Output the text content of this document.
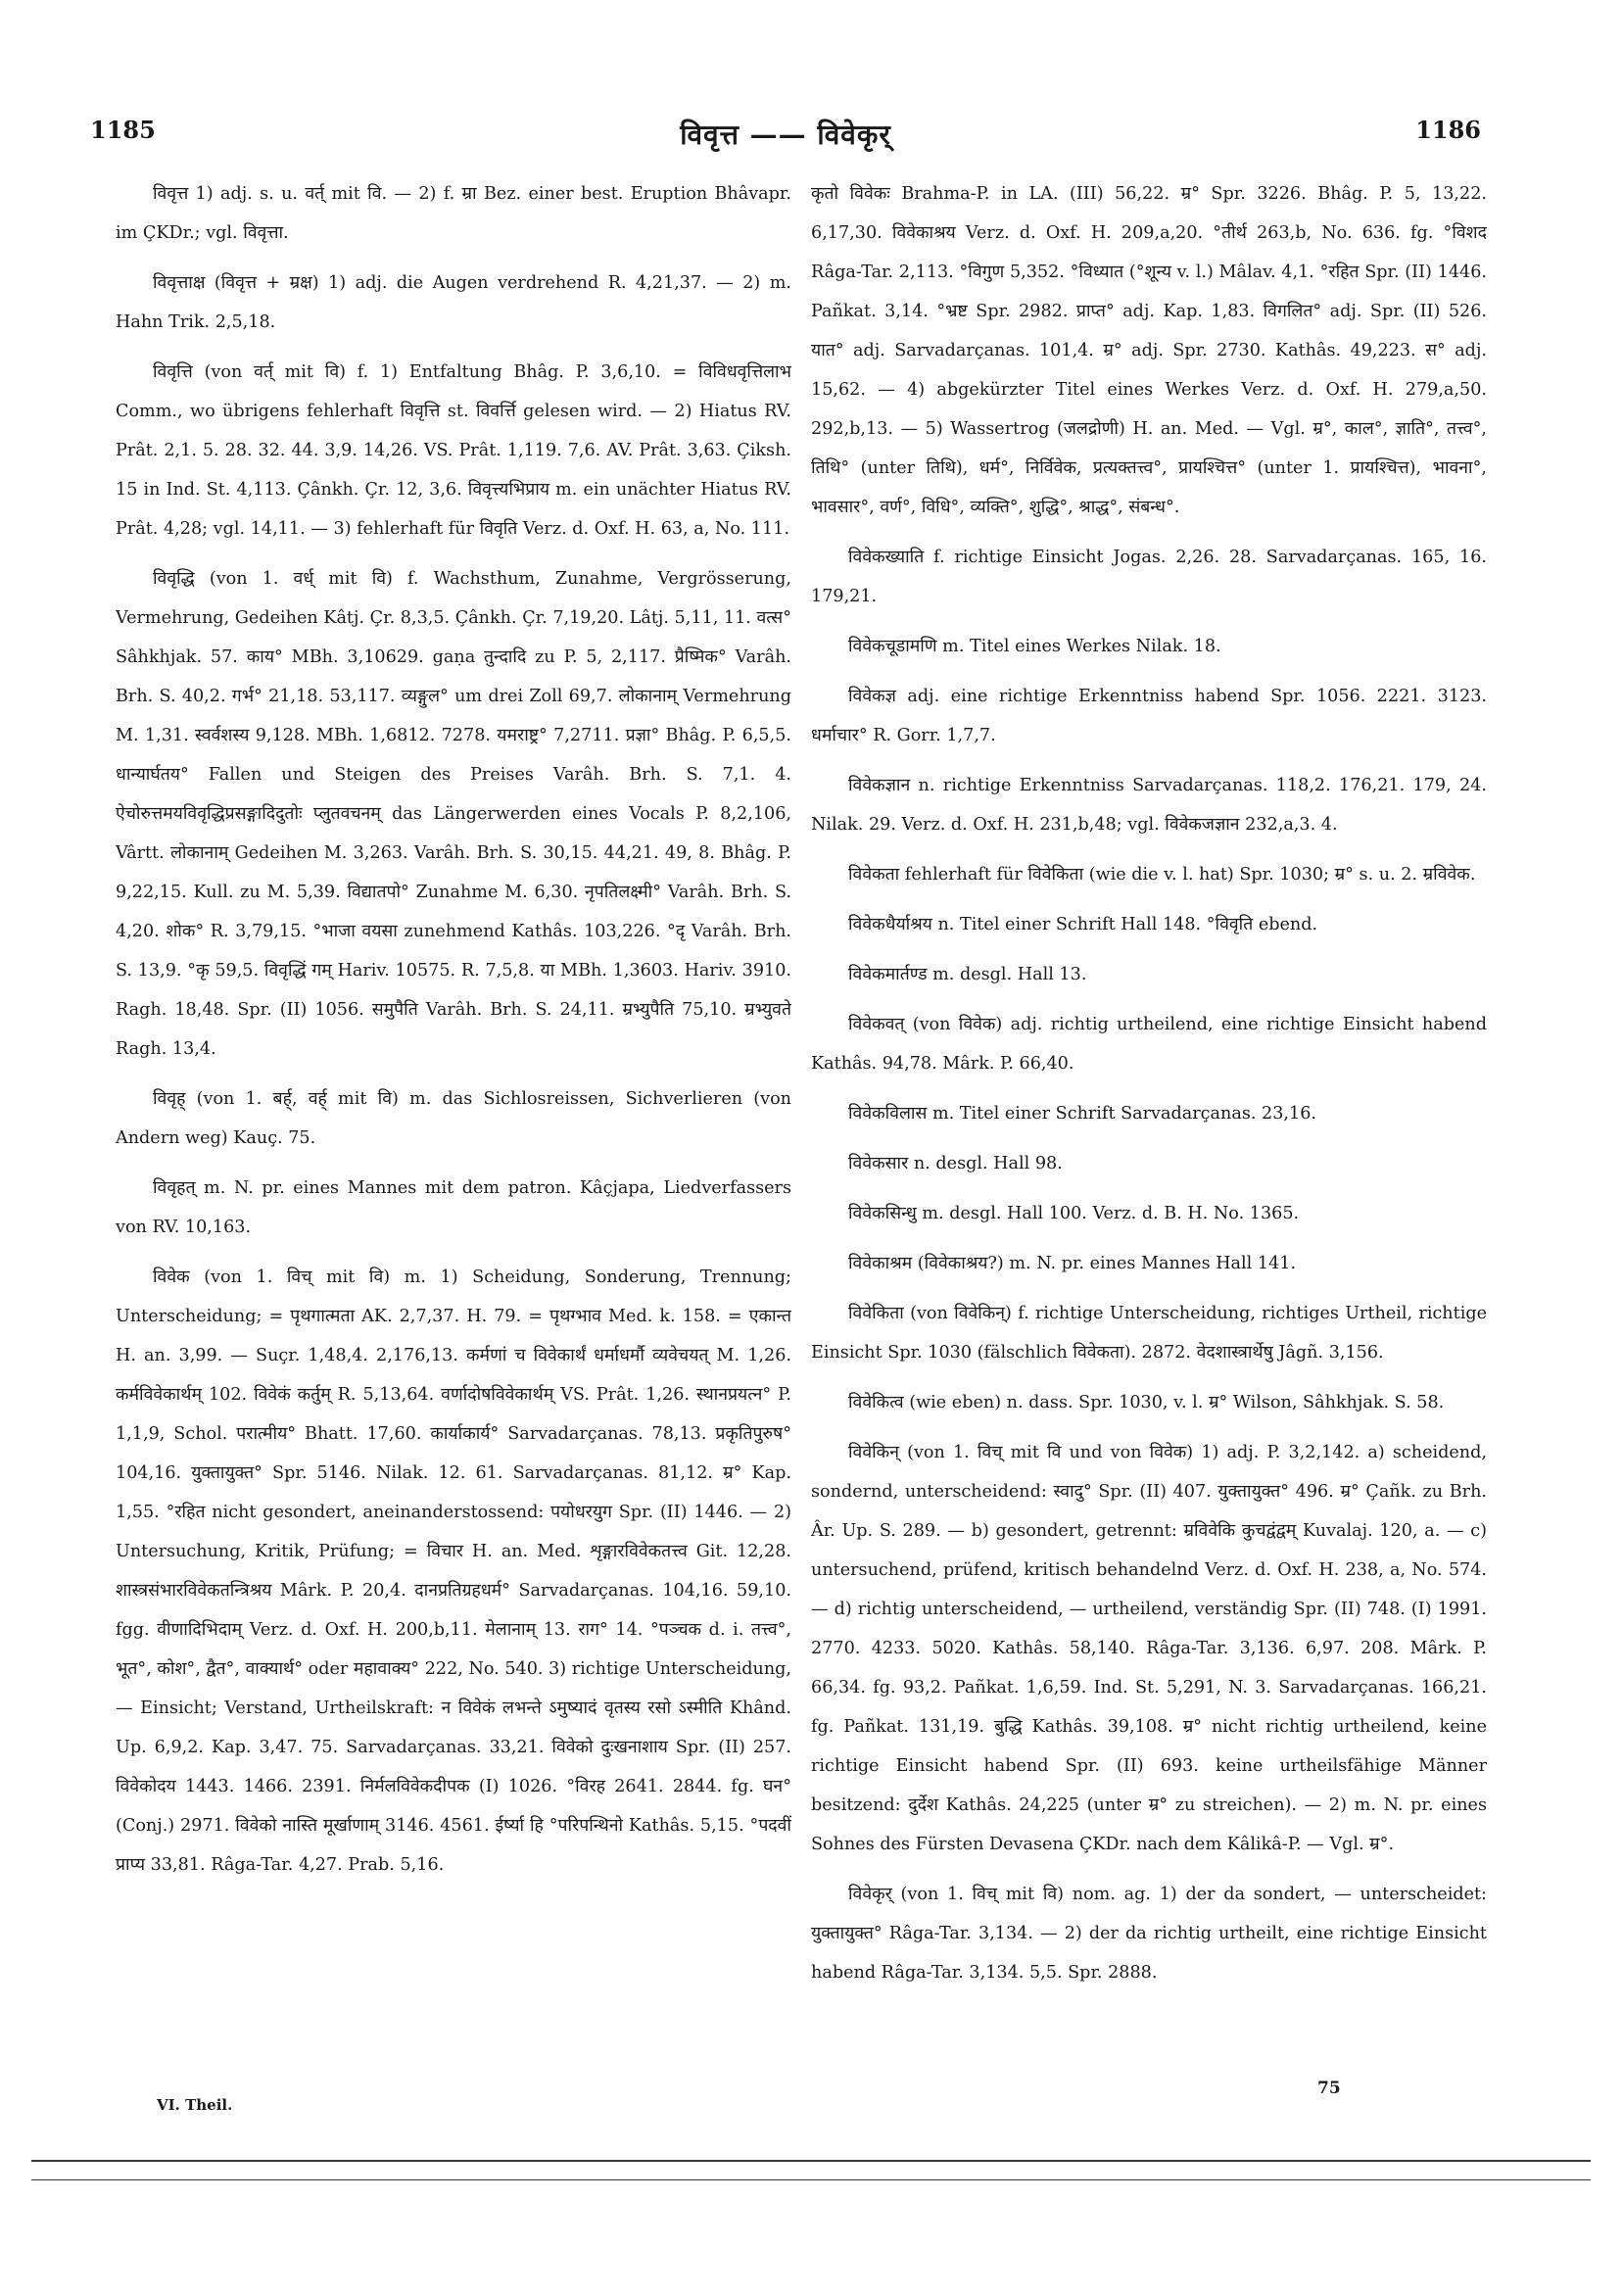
1185	विवृत्त —— विवेकृर्	1186

विवृत्त 1) adj. s. u. वर्त् mit वि. — 2) f. म्रा Bez. einer best. Eruption Bhâvapr. im ÇKDr.; vgl. विवृत्ता.

विवृत्ताक्ष (विवृत्त + म्रक्ष) 1) adj. die Augen verdrehend R. 4,21,37. — 2) m. Hahn Trik. 2,5,18.

विवृत्ति (von वर्त् mit वि) f. 1) Entfaltung Bhâg. P. 3,6,10. = विविधवृत्तिलाभ Comm., wo übrigens fehlerhaft विवृत्ति st. विवर्त्ति gelesen wird. — 2) Hiatus RV. Prât. 2,1. 5. 28. 32. 44. 3,9. 14,26. VS. Prât. 1,119. 7,6. AV. Prât. 3,63. Çiksh. 15 in Ind. St. 4,113. Çânkh. Çr. 12, 3,6. विवृत्त्यभिप्राय m. ein unächter Hiatus RV. Prât. 4,28; vgl. 14,11. — 3) fehlerhaft für विवृति Verz. d. Oxf. H. 63, a, No. 111.

विवृद्धि (von 1. वर्ध् mit वि) f. Wachsthum, Zunahme, Vergrösserung, Vermehrung, Gedeihen Kâtj. Çr. 8,3,5. Çânkh. Çr. 7,19,20. Lâtj. 5,11, 11. वत्स° Sâhkhjak. 57. काय° MBh. 3,10629. gaṇa तुन्दादि zu P. 5, 2,117. प्रैष्मिक° Varâh. Brh. S. 40,2. गर्भ° 21,18. 53,117. व्यङ्गुल° um drei Zoll 69,7. लोकानाम् Vermehrung M. 1,31. स्वर्वशस्य 9,128. MBh. 1,6812. 7278. यमराष्ट्र° 7,2711. प्रज्ञा° Bhâg. P. 6,5,5. धान्यार्घतय° Fallen und Steigen des Preises Varâh. Brh. S. 7,1. 4. ऐचोरुत्तमयविवृद्धिप्रसङ्गादिदुतोः प्लुतवचनम् das Längerwerden eines Vocals P. 8,2,106, Vârtt. लोकानाम् Gedeihen M. 3,263. Varâh. Brh. S. 30,15. 44,21. 49, 8. Bhâg. P. 9,22,15. Kull. zu M. 5,39. विद्यातपो° Zunahme M. 6,30. नृपतिलक्ष्मी° Varâh. Brh. S. 4,20. शोक° R. 3,79,15. °भाजा वयसा zunehmend Kathâs. 103,226. °दृ Varâh. Brh. S. 13,9. °कृ 59,5. विवृद्धिं गम् Hariv. 10575. R. 7,5,8. या MBh. 1,3603. Hariv. 3910. Ragh. 18,48. Spr. (II) 1056. समुपैति Varâh. Brh. S. 24,11. म्रभ्युपैति 75,10. म्रभ्युवते Ragh. 13,4.

विवृह् (von 1. बर्ह्, वर्ह् mit वि) m. das Sichlosreissen, Sichverlieren (von Andern weg) Kauç. 75.

विवृहत् m. N. pr. eines Mannes mit dem patron. Kâçjapa, Liedverfassers von RV. 10,163.

विवेक (von 1. विच् mit वि) m. 1) Scheidung, Sonderung, Trennung; Unterscheidung; = पृथगात्मता AK. 2,7,37. H. 79. = पृथग्भाव Med. k. 158. = एकान्त H. an. 3,99. — Suçr. 1,48,4. 2,176,13. कर्मणां च विवेकार्थं धर्माधर्मौ व्यवेचयत् M. 1,26. कर्मविवेकार्थम् 102. विवेकं कर्तुम् R. 5,13,64. वर्णादोषविवेकार्थम् VS. Prât. 1,26. स्थानप्रयत्न° P. 1,1,9, Schol. परात्मीय° Bhatt. 17,60. कार्याकार्य° Sarvadarçanas. 78,13. प्रकृतिपुरुष° 104,16. युक्तायुक्त° Spr. 5146. Nilak. 12. 61. Sarvadarçanas. 81,12. म्र° Kap. 1,55. °रहित nicht gesondert, aneinanderstossend: पयोधरयुग Spr. (II) 1446. — 2) Untersuchung, Kritik, Prüfung; = विचार H. an. Med. शृङ्गारविवेकतत्त्व Git. 12,28. शास्त्रसंभारविवेकतन्त्रिश्रय Mârk. P. 20,4. दानप्रतिग्रहधर्म° Sarvadarçanas. 104,16. 59,10. fgg. वीणादिभिदाम् Verz. d. Oxf. H. 200,b,11. मेलानाम् 13. राग° 14. °पञ्चक d. i. तत्त्व°, भूत°, कोश°, द्वैत°, वाक्यार्थ° oder महावाक्य° 222, No. 540. 3) richtige Unterscheidung, — Einsicht; Verstand, Urtheilskraft: न विवेकं लभन्ते ऽमुष्यादं वृतस्य रसो ऽस्मीति Khând. Up. 6,9,2. Kap. 3,47. 75. Sarvadarçanas. 33,21. विवेको दुःखनाशाय Spr. (II) 257. विवेकोदय 1443. 1466. 2391. निर्मलविवेकदीपक (I) 1026. °विरह 2641. 2844. fg. घन° (Conj.) 2971. विवेको नास्ति मूर्खाणाम् 3146. 4561. ईर्ष्या हि °परिपन्थिनो Kathâs. 5,15. °पदवीं प्राप्य 33,81. Râga-Tar. 4,27. Prab. 5,16.

कृतो विवेकः Brahma-P. in LA. (III) 56,22. म्र° Spr. 3226. Bhâg. P. 5, 13,22. 6,17,30. विवेकाश्रय Verz. d. Oxf. H. 209,a,20. °तीर्थ 263,b, No. 636. fg. °विशद Râga-Tar. 2,113. °विगुण 5,352. °विध्यात (°शून्य v. l.) Mâlav. 4,1. °रहित Spr. (II) 1446. Pañkat. 3,14. °भ्रष्ट Spr. 2982. प्राप्त° adj. Kap. 1,83. विगलित° adj. Spr. (II) 526. यात° adj. Sarvadarçanas. 101,4. म्र° adj. Spr. 2730. Kathâs. 49,223. स° adj. 15,62. — 4) abgekürzter Titel eines Werkes Verz. d. Oxf. H. 279,a,50. 292,b,13. — 5) Wassertrog (जलद्रोणी) H. an. Med. — Vgl. म्र°, काल°, ज्ञाति°, तत्त्व°, तिथि° (unter तिथि), धर्म°, निर्विवेक, प्रत्यक्तत्त्व°, प्रायश्चित्त° (unter 1. प्रायश्चित्त), भावना°, भावसार°, वर्ण°, विधि°, व्यक्ति°, शुद्धि°, श्राद्ध°, संबन्ध°.

विवेकख्याति f. richtige Einsicht Jogas. 2,26. 28. Sarvadarçanas. 165, 16. 179,21.

विवेकचूडामणि m. Titel eines Werkes Nilak. 18.

विवेकज्ञ adj. eine richtige Erkenntniss habend Spr. 1056. 2221. 3123. धर्माचार° R. Gorr. 1,7,7.

विवेकज्ञान n. richtige Erkenntniss Sarvadarçanas. 118,2. 176,21. 179, 24. Nilak. 29. Verz. d. Oxf. H. 231,b,48; vgl. विवेकजज्ञान 232,a,3. 4.

विवेकता fehlerhaft für विवेकिता (wie die v. l. hat) Spr. 1030; म्र° s. u. 2. म्रविवेक.

विवेकधैर्याश्रय n. Titel einer Schrift Hall 148. °विवृति ebend.

विवेकमार्तण्ड m. desgl. Hall 13.

विवेकवत् (von विवेक) adj. richtig urtheilend, eine richtige Einsicht habend Kathâs. 94,78. Mârk. P. 66,40.

विवेकविलास m. Titel einer Schrift Sarvadarçanas. 23,16.

विवेकसार n. desgl. Hall 98.

विवेकसिन्धु m. desgl. Hall 100. Verz. d. B. H. No. 1365.

विवेकाश्रम (विवेकाश्रय?) m. N. pr. eines Mannes Hall 141.

विवेकिता (von विवेकिन्) f. richtige Unterscheidung, richtiges Urtheil, richtige Einsicht Spr. 1030 (fälschlich विवेकता). 2872. वेदशास्त्रार्थेषु Jâgñ. 3,156.

विवेकित्व (wie eben) n. dass. Spr. 1030, v. l. म्र° Wilson, Sâhkhjak. S. 58.

विवेकिन् (von 1. विच् mit वि und von विवेक) 1) adj. P. 3,2,142. a) scheidend, sondernd, unterscheidend: स्वादु° Spr. (II) 407. युक्तायुक्त° 496. म्र° Çañk. zu Brh. Âr. Up. S. 289. — b) gesondert, getrennt: म्रविवेकि कुचद्वंद्वम् Kuvalaj. 120, a. — c) untersuchend, prüfend, kritisch behandelnd Verz. d. Oxf. H. 238, a, No. 574. — d) richtig unterscheidend, — urtheilend, verständig Spr. (II) 748. (I) 1991. 2770. 4233. 5020. Kathâs. 58,140. Râga-Tar. 3,136. 6,97. 208. Mârk. P. 66,34. fg. 93,2. Pañkat. 1,6,59. Ind. St. 5,291, N. 3. Sarvadarçanas. 166,21. fg. Pañkat. 131,19. बुद्धि Kathâs. 39,108. म्र° nicht richtig urtheilend, keine richtige Einsicht habend Spr. (II) 693. keine urtheilsfähige Männer besitzend: दुर्देश Kathâs. 24,225 (unter म्र° zu streichen). — 2) m. N. pr. eines Sohnes des Fürsten Devasena ÇKDr. nach dem Kâlikâ-P. — Vgl. म्र°.

विवेकृर् (von 1. विच् mit वि) nom. ag. 1) der da sondert, — unterscheidet: युक्तायुक्त° Râga-Tar. 3,134. — 2) der da richtig urtheilt, eine richtige Einsicht habend Râga-Tar. 3,134. 5,5. Spr. 2888.

VI. Theil.
75
